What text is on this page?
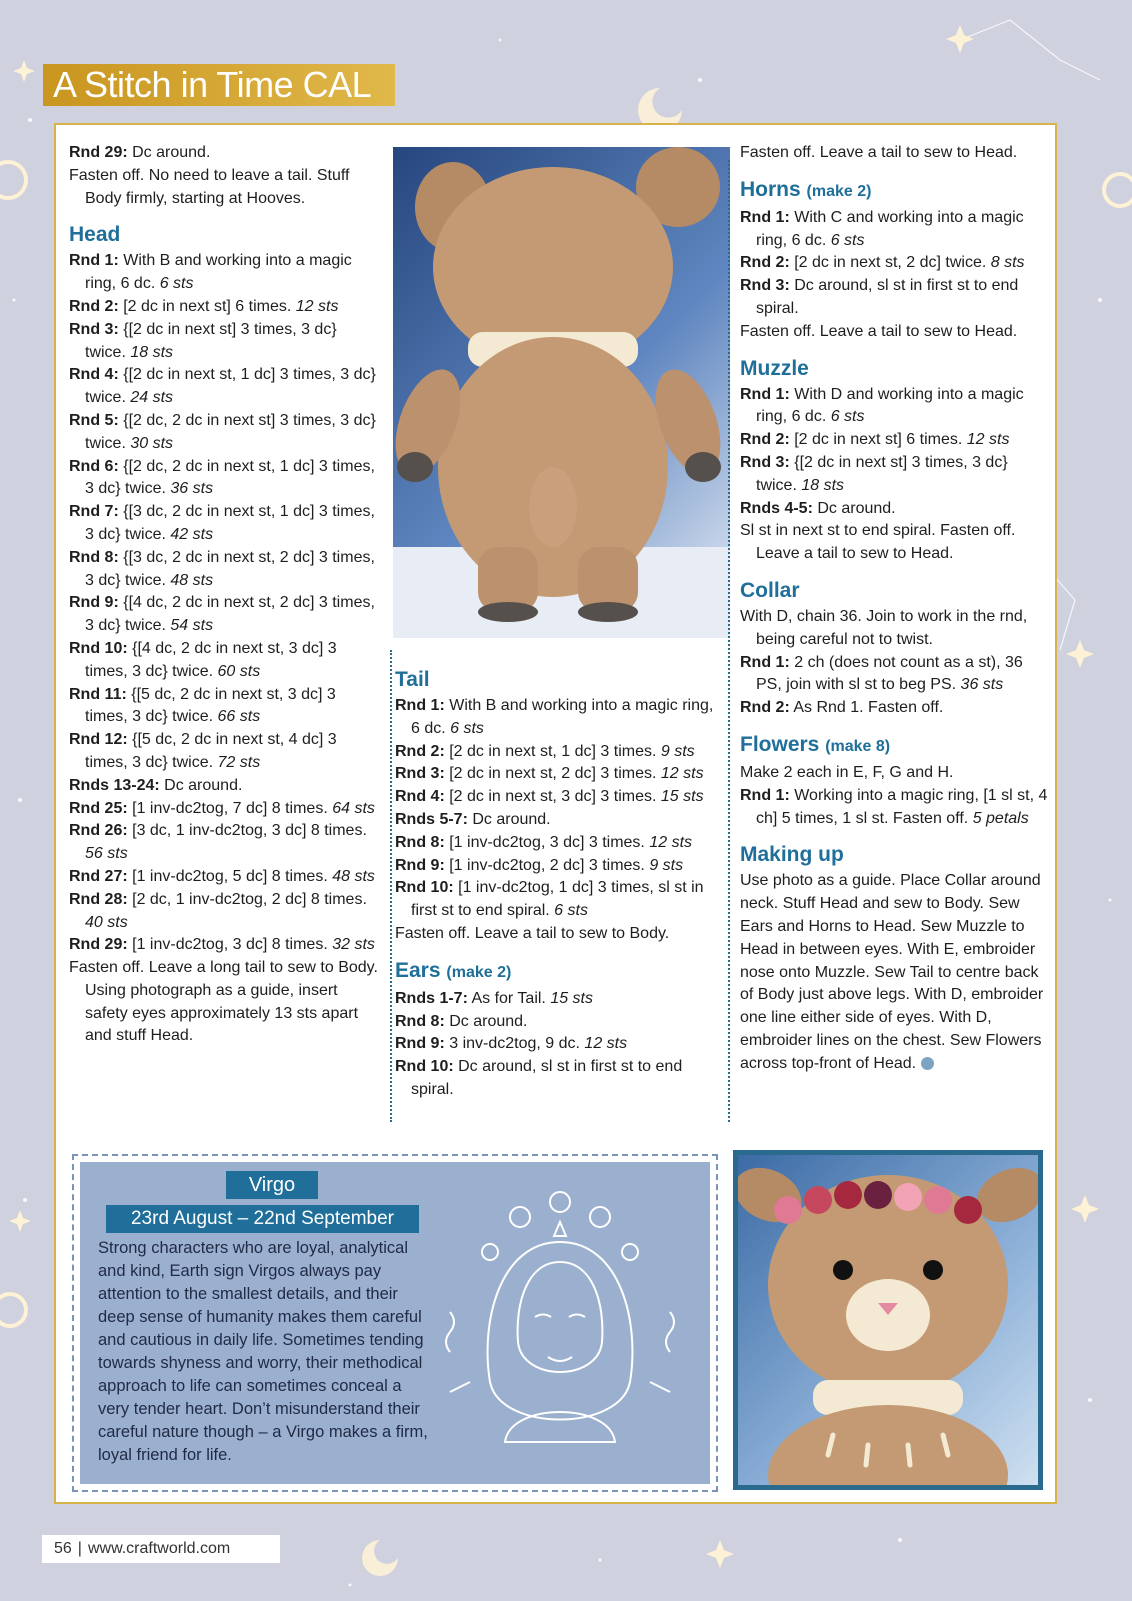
A Stitch in Time CAL

Rnd 29: Dc around.

Fasten off. No need to leave a tail. Stuff Body firmly, starting at Hooves.

Head

Rnd 1: With B and working into a magic ring, 6 dc. 6 sts

Rnd 2: [2 dc in next st] 6 times. 12 sts

Rnd 3: {[2 dc in next st] 3 times, 3 dc} twice. 18 sts

Rnd 4: {[2 dc in next st, 1 dc] 3 times, 3 dc} twice. 24 sts

Rnd 5: {[2 dc, 2 dc in next st] 3 times, 3 dc} twice. 30 sts

Rnd 6: {[2 dc, 2 dc in next st, 1 dc] 3 times, 3 dc} twice. 36 sts

Rnd 7: {[3 dc, 2 dc in next st, 1 dc] 3 times, 3 dc} twice. 42 sts

Rnd 8: {[3 dc, 2 dc in next st, 2 dc] 3 times, 3 dc} twice. 48 sts

Rnd 9: {[4 dc, 2 dc in next st, 2 dc] 3 times, 3 dc} twice. 54 sts

Rnd 10: {[4 dc, 2 dc in next st, 3 dc] 3 times, 3 dc} twice. 60 sts

Rnd 11: {[5 dc, 2 dc in next st, 3 dc] 3 times, 3 dc} twice. 66 sts

Rnd 12: {[5 dc, 2 dc in next st, 4 dc] 3 times, 3 dc} twice. 72 sts

Rnds 13-24: Dc around.

Rnd 25: [1 inv-dc2tog, 7 dc] 8 times. 64 sts

Rnd 26: [3 dc, 1 inv-dc2tog, 3 dc] 8 times. 56 sts

Rnd 27: [1 inv-dc2tog, 5 dc] 8 times. 48 sts

Rnd 28: [2 dc, 1 inv-dc2tog, 2 dc] 8 times. 40 sts

Rnd 29: [1 inv-dc2tog, 3 dc] 8 times. 32 sts

Fasten off. Leave a long tail to sew to Body. Using photograph as a guide, insert safety eyes approximately 13 sts apart and stuff Head.

Tail

Rnd 1: With B and working into a magic ring, 6 dc. 6 sts

Rnd 2: [2 dc in next st, 1 dc] 3 times. 9 sts

Rnd 3: [2 dc in next st, 2 dc] 3 times. 12 sts

Rnd 4: [2 dc in next st, 3 dc] 3 times. 15 sts

Rnds 5-7: Dc around.

Rnd 8: [1 inv-dc2tog, 3 dc] 3 times. 12 sts

Rnd 9: [1 inv-dc2tog, 2 dc] 3 times. 9 sts

Rnd 10: [1 inv-dc2tog, 1 dc] 3 times, sl st in first st to end spiral. 6 sts

Fasten off. Leave a tail to sew to Body.

Ears (make 2)

Rnds 1-7: As for Tail. 15 sts

Rnd 8: Dc around.

Rnd 9: 3 inv-dc2tog, 9 dc. 12 sts

Rnd 10: Dc around, sl st in first st to end spiral.

Fasten off. Leave a tail to sew to Head.

Horns (make 2)

Rnd 1: With C and working into a magic ring, 6 dc. 6 sts

Rnd 2: [2 dc in next st, 2 dc] twice. 8 sts

Rnd 3: Dc around, sl st in first st to end spiral.

Fasten off. Leave a tail to sew to Head.

Muzzle

Rnd 1: With D and working into a magic ring, 6 dc. 6 sts

Rnd 2: [2 dc in next st] 6 times. 12 sts

Rnd 3: {[2 dc in next st] 3 times, 3 dc} twice. 18 sts

Rnds 4-5: Dc around.

Sl st in next st to end spiral. Fasten off. Leave a tail to sew to Head.

Collar

With D, chain 36. Join to work in the rnd, being careful not to twist.

Rnd 1: 2 ch (does not count as a st), 36 PS, join with sl st to beg PS. 36 sts

Rnd 2: As Rnd 1. Fasten off.

Flowers (make 8)

Make 2 each in E, F, G and H.

Rnd 1: Working into a magic ring, [1 sl st, 4 ch] 5 times, 1 sl st. Fasten off. 5 petals

Making up

Use photo as a guide. Place Collar around neck. Stuff Head and sew to Body. Sew Ears and Horns to Head. Sew Muzzle to Head in between eyes. With E, embroider nose onto Muzzle. Sew Tail to centre back of Body just above legs. With D, embroider one line either side of eyes. With D, embroider lines on the chest. Sew Flowers across top-front of Head.

Virgo
23rd August – 22nd September
Strong characters who are loyal, analytical and kind, Earth sign Virgos always pay attention to the smallest details, and their deep sense of humanity makes them careful and cautious in daily life. Sometimes tending towards shyness and worry, their methodical approach to life can sometimes conceal a very tender heart. Don’t misunderstand their careful nature though – a Virgo makes a firm, loyal friend for life.
56 | www.craftworld.com
